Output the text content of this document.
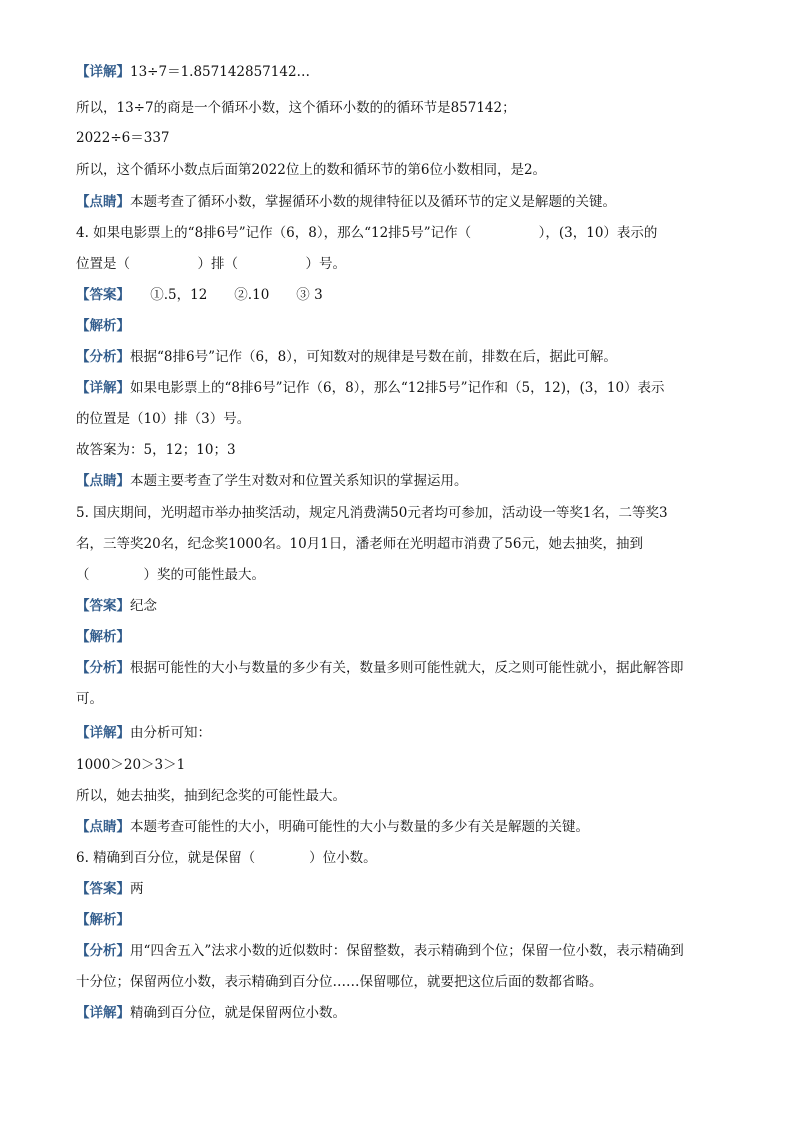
【详解】13÷7＝1.857142857142…
所以，13÷7的商是一个循环小数，这个循环小数的的循环节是857142；
2022÷6＝337
所以，这个循环小数点后面第2022位上的数和循环节的第6位小数相同，是2。
【点睛】本题考查了循环小数，掌握循环小数的规律特征以及循环节的定义是解题的关键。
4. 如果电影票上的“8排6号”记作（6，8），那么“12排5号”记作（　　　　　），(3，10）表示的
位置是（　　　　　）排（　　　　　）号。
【答案】　　①.5，12　　②.10　　③ 3
【解析】
【分析】根据“8排6号”记作（6，8），可知数对的规律是号数在前，排数在后，据此可解。
【详解】如果电影票上的“8排6号”记作（6，8），那么“12排5号”记作和（5，12)，(3，10）表示
的位置是（10）排（3）号。
故答案为：5，12；10；3
【点睛】本题主要考查了学生对数对和位置关系知识的掌握运用。
5. 国庆期间，光明超市举办抽奖活动，规定凡消费满50元者均可参加，活动设一等奖1名，二等奖3
名，三等奖20名，纪念奖1000名。10月1日，潘老师在光明超市消费了56元，她去抽奖，抽到
（　　　　）奖的可能性最大。
【答案】纪念
【解析】
【分析】根据可能性的大小与数量的多少有关，数量多则可能性就大，反之则可能性就小，据此解答即
可。
【详解】由分析可知：
1000＞20＞3＞1
所以，她去抽奖，抽到纪念奖的可能性最大。
【点睛】本题考查可能性的大小，明确可能性的大小与数量的多少有关是解题的关键。
6. 精确到百分位，就是保留（　　　　）位小数。
【答案】两
【解析】
【分析】用“四舍五入”法求小数的近似数时：保留整数，表示精确到个位；保留一位小数，表示精确到
十分位；保留两位小数，表示精确到百分位……保留哪位，就要把这位后面的数都省略。
【详解】精确到百分位，就是保留两位小数。
